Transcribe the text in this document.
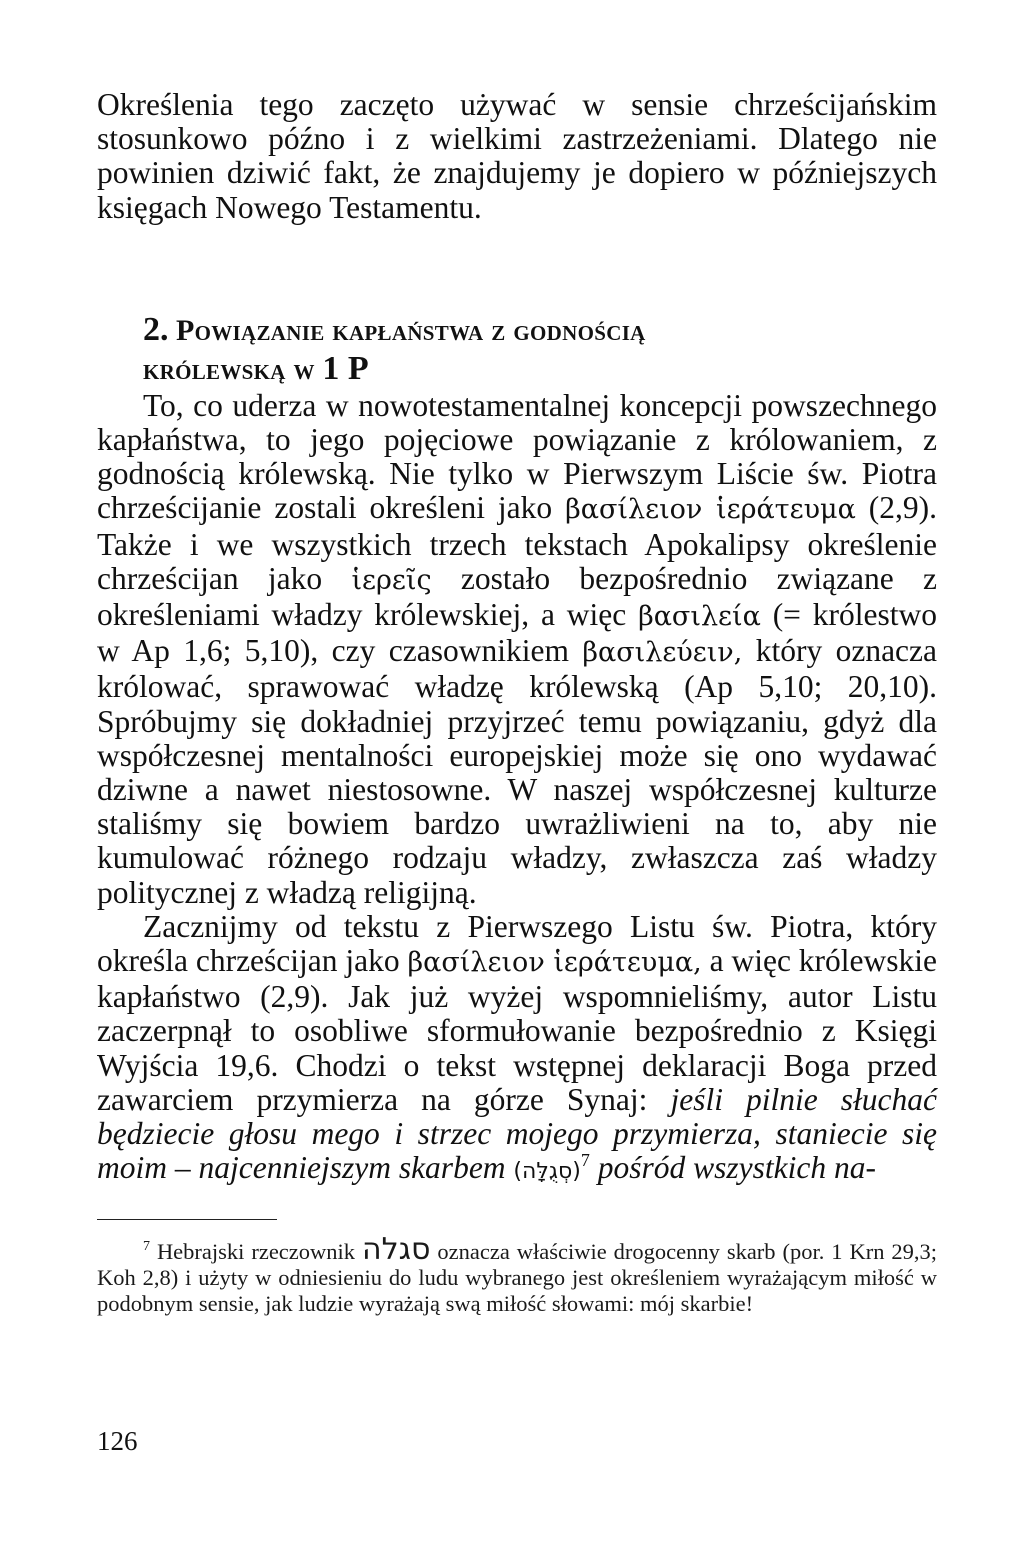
Określenia tego zaczęto używać w sensie chrześcijańskim stosunkowo późno i z wielkimi zastrzeżeniami. Dlatego nie powinien dziwić fakt, że znajdujemy je dopiero w późniejszych księgach Nowego Testamentu.

2. Powiązanie kapłaństwa z godnością
królewską w 1 P

To, co uderza w nowotestamentalnej koncepcji powszechnego kapłaństwa, to jego pojęciowe powiązanie z królowaniem, z godnością królewską. Nie tylko w Pierwszym Liście św. Piotra chrześcijanie zostali określeni jako βασίλειον ἱεράτευμα (2,9). Także i we wszystkich trzech tekstach Apokalipsy określenie chrześcijan jako ἱερεῖς zostało bezpośrednio związane z określeniami władzy królewskiej, a więc βασιλεία (= królestwo w Ap 1,6; 5,10), czy czasownikiem βασιλεύειν, który oznacza królować, sprawować władzę królewską (Ap 5,10; 20,10). Spróbujmy się dokładniej przyjrzeć temu powiązaniu, gdyż dla współczesnej mentalności europejskiej może się ono wydawać dziwne a nawet niestosowne. W naszej współczesnej kulturze staliśmy się bowiem bardzo uwrażliwieni na to, aby nie kumulować różnego rodzaju władzy, zwłaszcza zaś władzy politycznej z władzą religijną.

Zacznijmy od tekstu z Pierwszego Listu św. Piotra, który określa chrześcijan jako βασίλειον ἱεράτευμα, a więc królewskie kapłaństwo (2,9). Jak już wyżej wspomnieliśmy, autor Listu zaczerpnął to osobliwe sformułowanie bezpośrednio z Księgi Wyjścia 19,6. Chodzi o tekst wstępnej deklaracji Boga przed zawarciem przymierza na górze Synaj: jeśli pilnie słuchać będziecie głosu mego i strzec mojego przymierza, staniecie się moim – najcenniejszym skarbem (סְגֻלָּה)$^7$ pośród wszystkich na-

$^7$ Hebrajski rzeczownik סגלה oznacza właściwie drogocenny skarb (por. 1 Krn 29,3; Koh 2,8) i użyty w odniesieniu do ludu wybranego jest określeniem wyrażającym miłość w podobnym sensie, jak ludzie wyrażają swą miłość słowami: mój skarbie!

126
